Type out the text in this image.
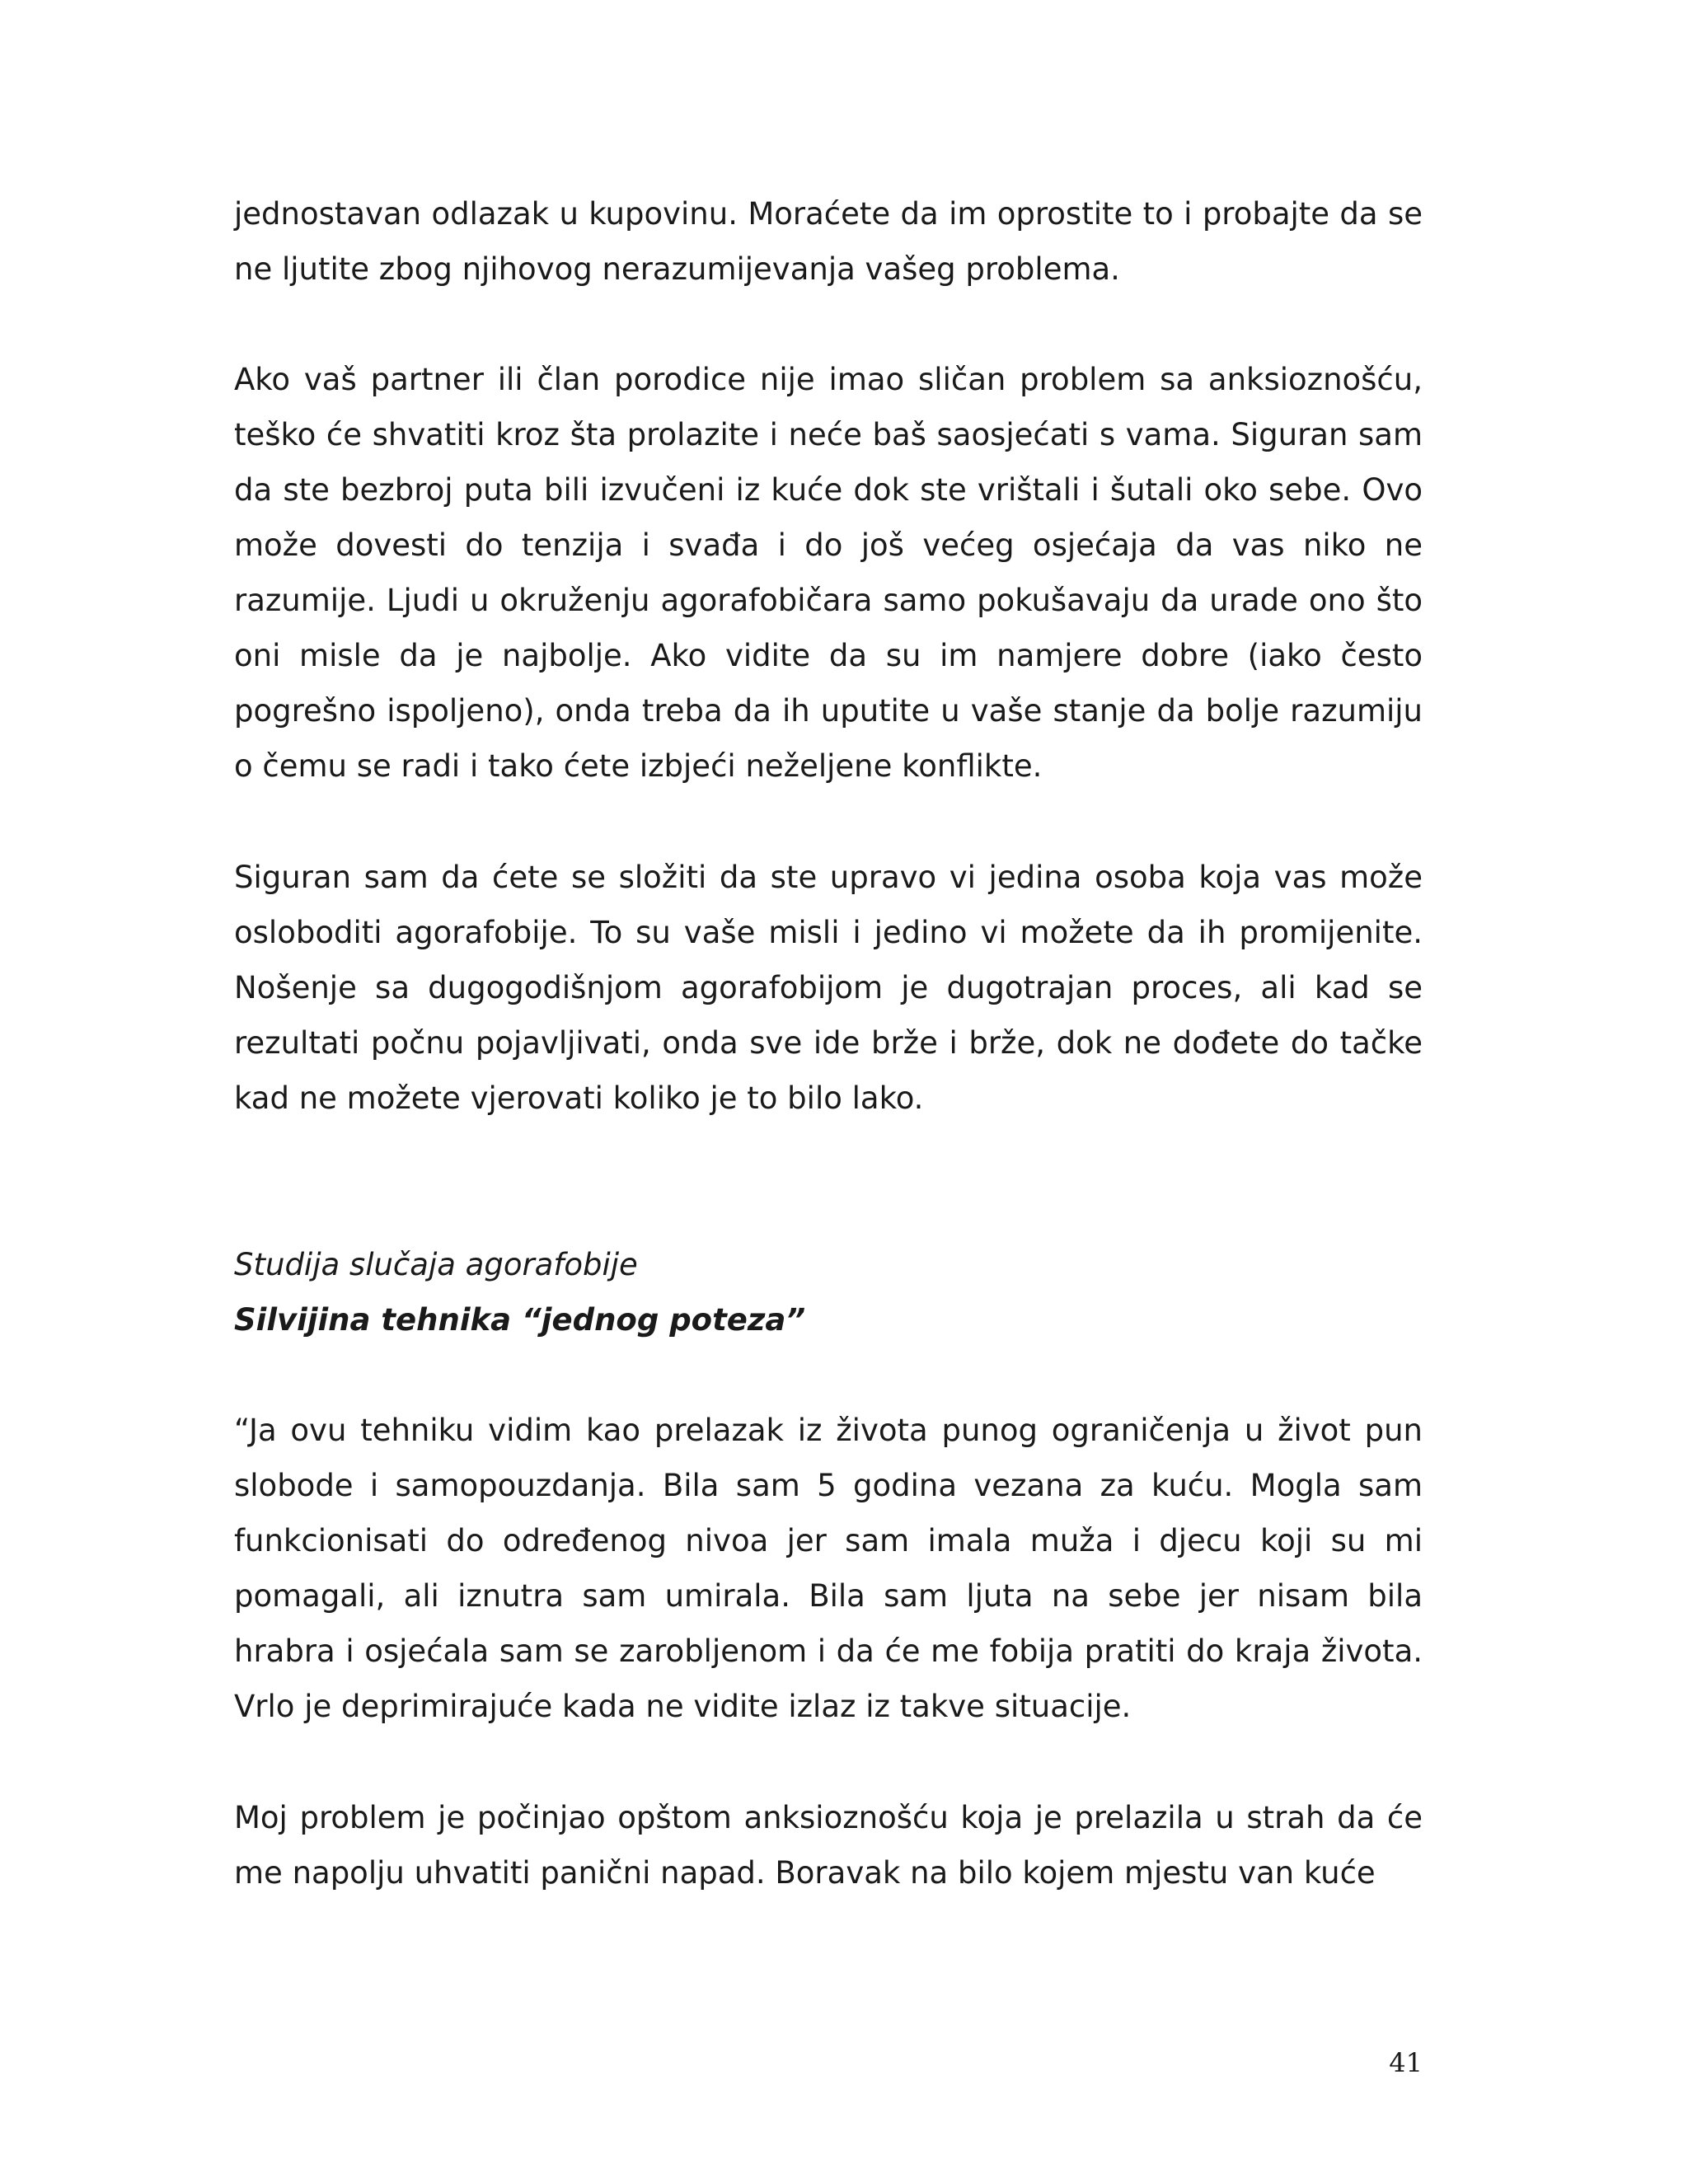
jednostavan odlazak u kupovinu. Moraćete da im oprostite to i probajte da se ne ljutite zbog njihovog nerazumijevanja vašeg problema.

Ako vaš partner ili član porodice nije imao sličan problem sa anksioznošću, teško će shvatiti kroz šta prolazite i neće baš saosjećati s vama. Siguran sam da ste bezbroj puta bili izvučeni iz kuće dok ste vrištali i šutali oko sebe. Ovo može dovesti do tenzija i svađa i do još većeg osjećaja da vas niko ne razumije. Ljudi u okruženju agorafobičara samo pokušavaju da urade ono što oni misle da je najbolje. Ako vidite da su im namjere dobre (iako često pogrešno ispoljeno), onda treba da ih uputite u vaše stanje da bolje razumiju o čemu se radi i tako ćete izbjeći neželjene konflikte.

Siguran sam da ćete se složiti da ste upravo vi jedina osoba koja vas može osloboditi agorafobije. To su vaše misli i jedino vi možete da ih promijenite. Nošenje sa dugogodišnjom agorafobijom je dugotrajan proces, ali kad se rezultati počnu pojavljivati, onda sve ide brže i brže, dok ne dođete do tačke kad ne možete vjerovati koliko je to bilo lako.

Studija slučaja agorafobije
Silvijina tehnika “jednog poteza”

“Ja ovu tehniku vidim kao prelazak iz života punog ograničenja u život pun slobode i samopouzdanja. Bila sam 5 godina vezana za kuću. Mogla sam funkcionisati do određenog nivoa jer sam imala muža i djecu koji su mi pomagali, ali iznutra sam umirala. Bila sam ljuta na sebe jer nisam bila hrabra i osjećala sam se zarobljenom i da će me fobija pratiti do kraja života. Vrlo je deprimirajuće kada ne vidite izlaz iz takve situacije.

Moj problem je počinjao opštom anksioznošću koja je prelazila u strah da će me napolju uhvatiti panični napad. Boravak na bilo kojem mjestu van kuće

41
